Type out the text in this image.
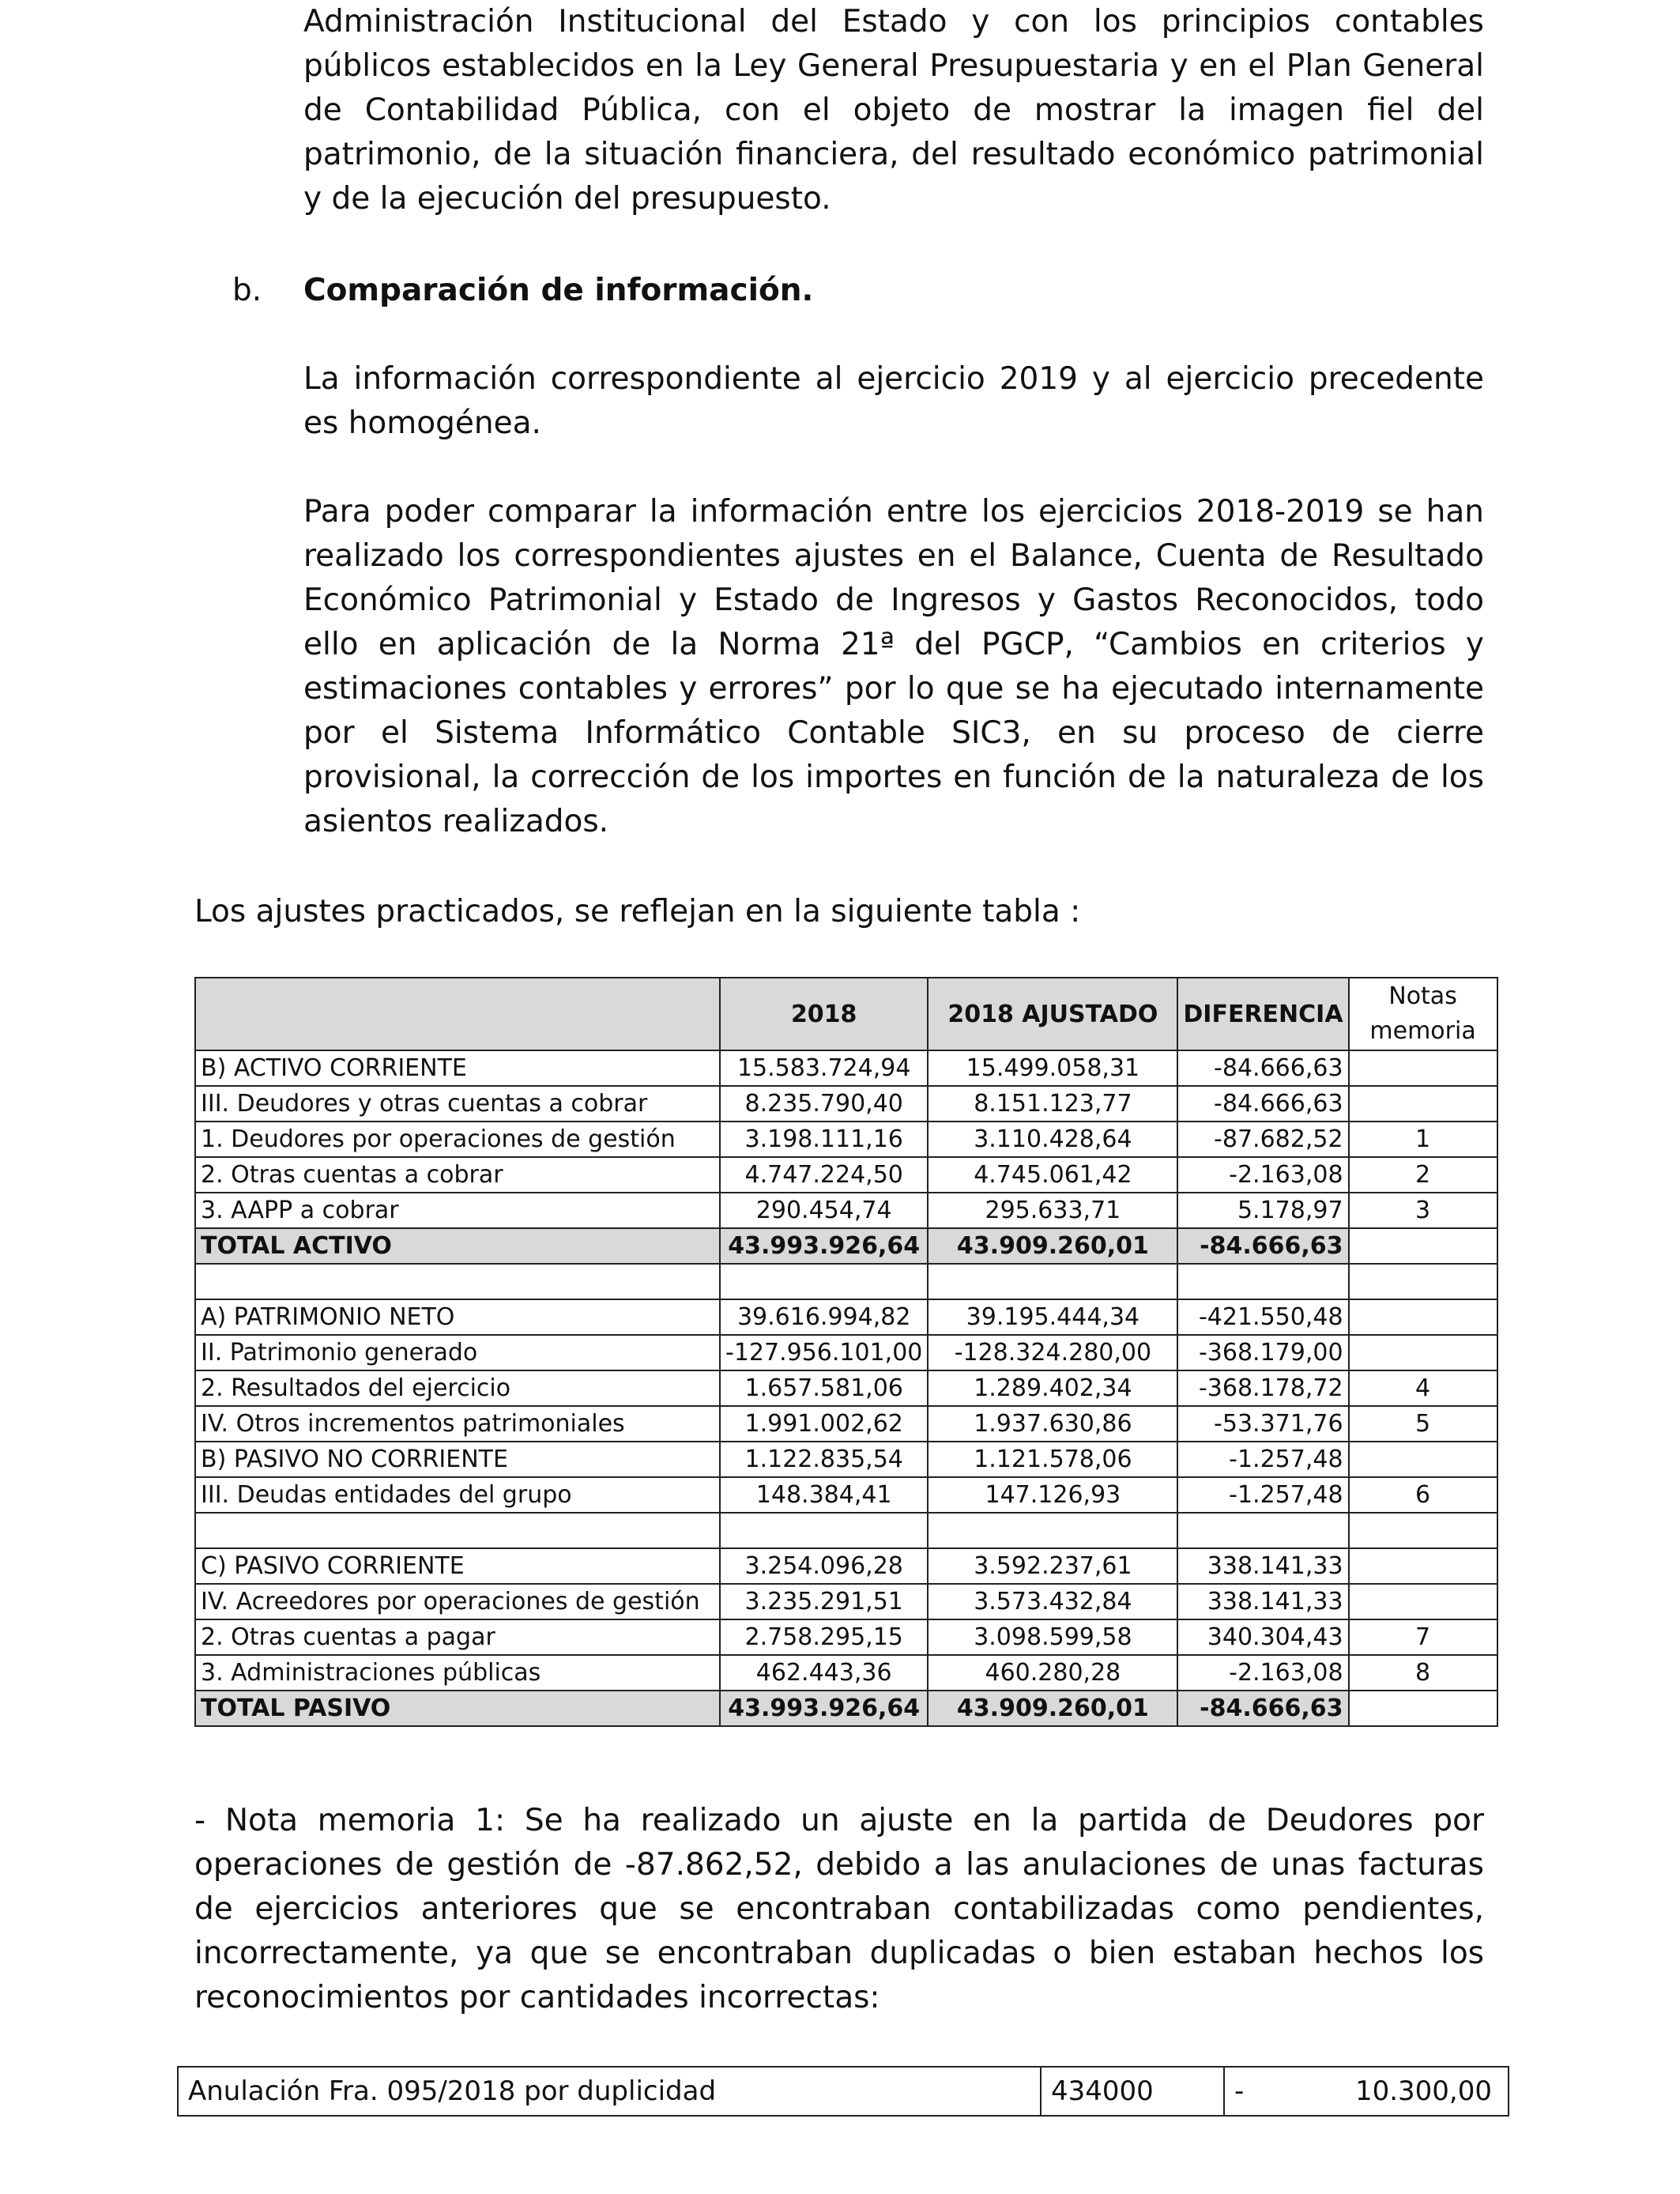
Administración Institucional del Estado y con los principios contables públicos establecidos en la Ley General Presupuestaria y en el Plan General de Contabilidad Pública, con el objeto de mostrar la imagen fiel del patrimonio, de la situación financiera, del resultado económico patrimonial y de la ejecución del presupuesto.

b. Comparación de información.

La información correspondiente al ejercicio 2019 y al ejercicio precedente es homogénea.

Para poder comparar la información entre los ejercicios 2018-2019 se han realizado los correspondientes ajustes en el Balance, Cuenta de Resultado Económico Patrimonial y Estado de Ingresos y Gastos Reconocidos, todo ello en aplicación de la Norma 21ª del PGCP, “Cambios en criterios y estimaciones contables y errores” por lo que se ha ejecutado internamente por el Sistema Informático Contable SIC3, en su proceso de cierre provisional, la corrección de los importes en función de la naturaleza de los asientos realizados.

Los ajustes practicados, se reflejan en la siguiente tabla :
	2018	2018 AJUSTADO	DIFERENCIA	Notas
memoria
B) ACTIVO CORRIENTE	15.583.724,94	15.499.058,31	-84.666,63	
III. Deudores y otras cuentas a cobrar	8.235.790,40	8.151.123,77	-84.666,63	
1. Deudores por operaciones de gestión	3.198.111,16	3.110.428,64	-87.682,52	1
2. Otras cuentas a cobrar	4.747.224,50	4.745.061,42	-2.163,08	2
3. AAPP a cobrar	290.454,74	295.633,71	5.178,97	3
TOTAL ACTIVO	43.993.926,64	43.909.260,01	-84.666,63	

A) PATRIMONIO NETO	39.616.994,82	39.195.444,34	-421.550,48	
II. Patrimonio generado	-127.956.101,00	-128.324.280,00	-368.179,00	
2. Resultados del ejercicio	1.657.581,06	1.289.402,34	-368.178,72	4
IV. Otros incrementos patrimoniales	1.991.002,62	1.937.630,86	-53.371,76	5
B) PASIVO NO CORRIENTE	1.122.835,54	1.121.578,06	-1.257,48	
III. Deudas entidades del grupo	148.384,41	147.126,93	-1.257,48	6

C) PASIVO CORRIENTE	3.254.096,28	3.592.237,61	338.141,33	
IV. Acreedores por operaciones de gestión	3.235.291,51	3.573.432,84	338.141,33	
2. Otras cuentas a pagar	2.758.295,15	3.098.599,58	340.304,43	7
3. Administraciones públicas	462.443,36	460.280,28	-2.163,08	8
TOTAL PASIVO	43.993.926,64	43.909.260,01	-84.666,63	

- Nota memoria 1: Se ha realizado un ajuste en la partida de Deudores por operaciones de gestión de -87.862,52, debido a las anulaciones de unas facturas de ejercicios anteriores que se encontraban contabilizadas como pendientes, incorrectamente, ya que se encontraban duplicadas o bien estaban hechos los reconocimientos por cantidades incorrectas:

Anulación Fra. 095/2018 por duplicidad	434000	-	10.300,00
